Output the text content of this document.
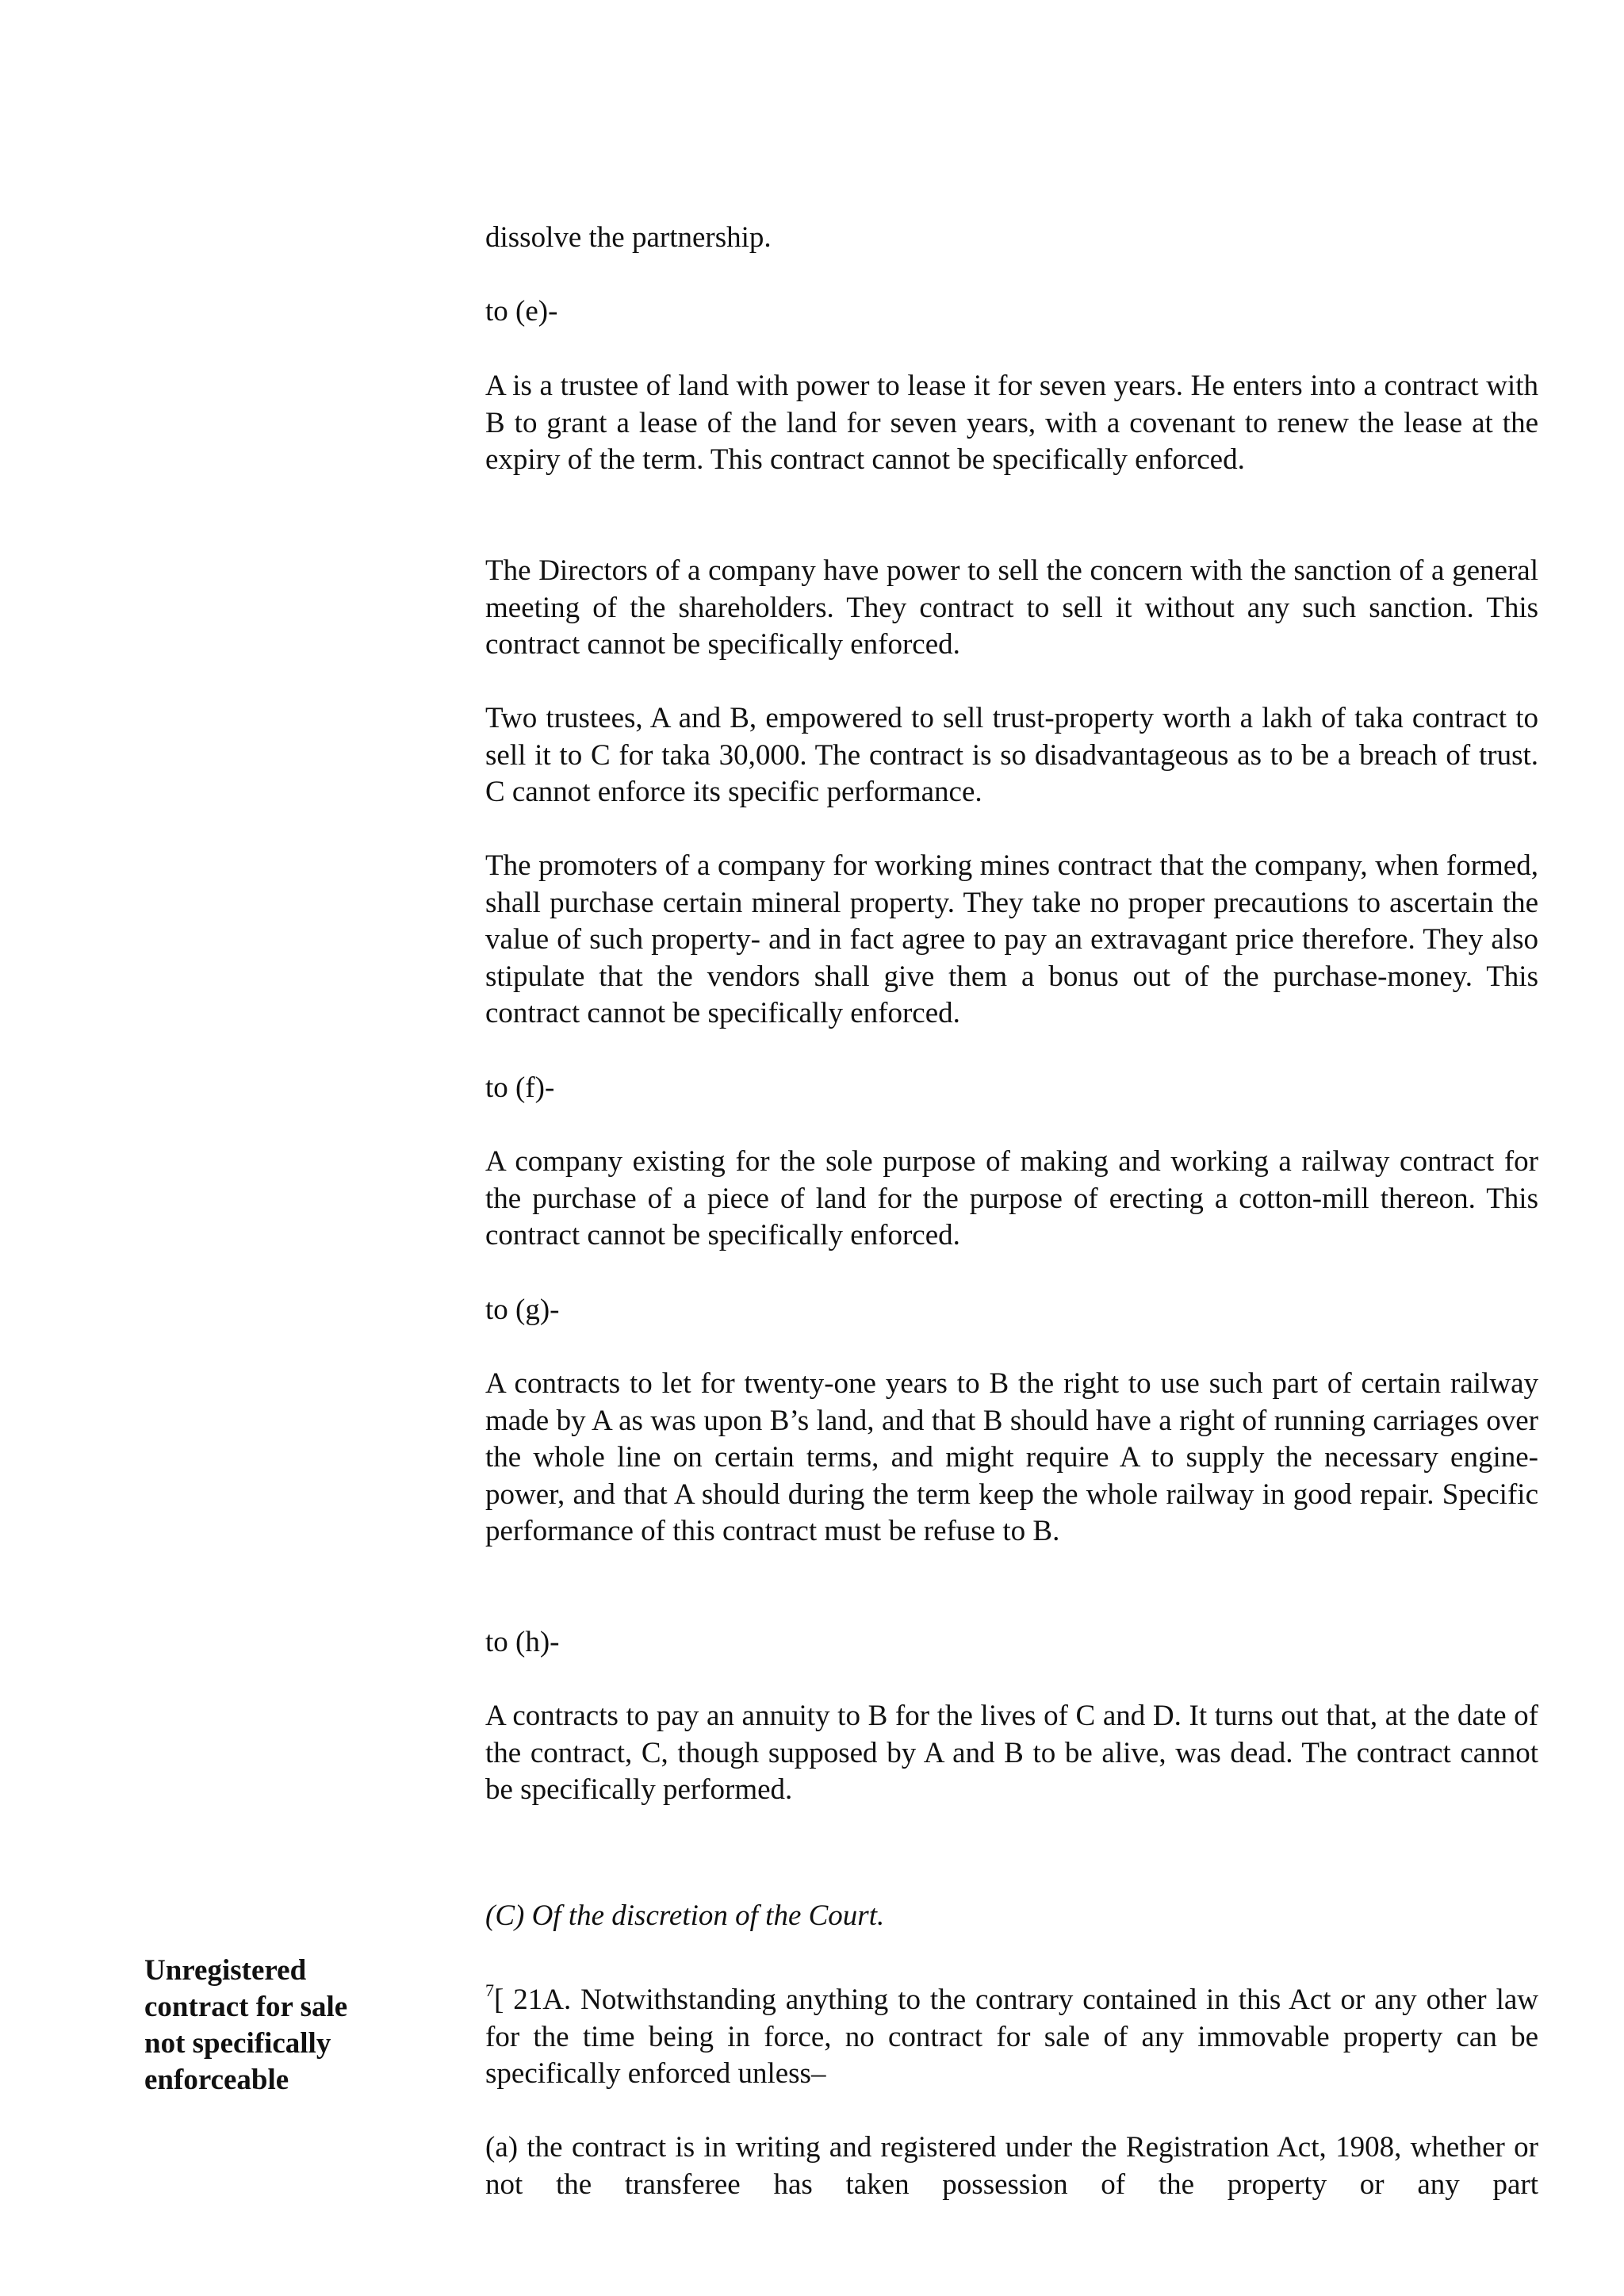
dissolve the partnership.

to (e)-

A is a trustee of land with power to lease it for seven years. He enters into a contract with B to grant a lease of the land for seven years, with a covenant to renew the lease at the expiry of the term. This contract cannot be specifically enforced.

The Directors of a company have power to sell the concern with the sanction of a general meeting of the shareholders. They contract to sell it without any such sanction. This contract cannot be specifically enforced.

Two trustees, A and B, empowered to sell trust-property worth a lakh of taka contract to sell it to C for taka 30,000. The contract is so disadvantageous as to be a breach of trust. C cannot enforce its specific performance.

The promoters of a company for working mines contract that the company, when formed, shall purchase certain mineral property. They take no proper precautions to ascertain the value of such property- and in fact agree to pay an extravagant price therefore. They also stipulate that the vendors shall give them a bonus out of the purchase-money. This contract cannot be specifically enforced.

to (f)-

A company existing for the sole purpose of making and working a railway contract for the purchase of a piece of land for the purpose of erecting a cotton-mill thereon. This contract cannot be specifically enforced.

to (g)-

A contracts to let for twenty-one years to B the right to use such part of certain railway made by A as was upon B’s land, and that B should have a right of running carriages over the whole line on certain terms, and might require A to supply the necessary engine-power, and that A should during the term keep the whole railway in good repair. Specific performance of this contract must be refuse to B.

to (h)-

A contracts to pay an annuity to B for the lives of C and D. It turns out that, at the date of the contract, C, though supposed by A and B to be alive, was dead. The contract cannot be specifically performed.

(C) Of the discretion of the Court.
Unregistered
contract for sale
not specifically
enforceable

$^7$[ 21A. Notwithstanding anything to the contrary contained in this Act or any other law for the time being in force, no contract for sale of any immovable property can be specifically enforced unless–

(a) the contract is in writing and registered under the Registration Act, 1908, whether or not the transferee has taken possession of the property or any part
